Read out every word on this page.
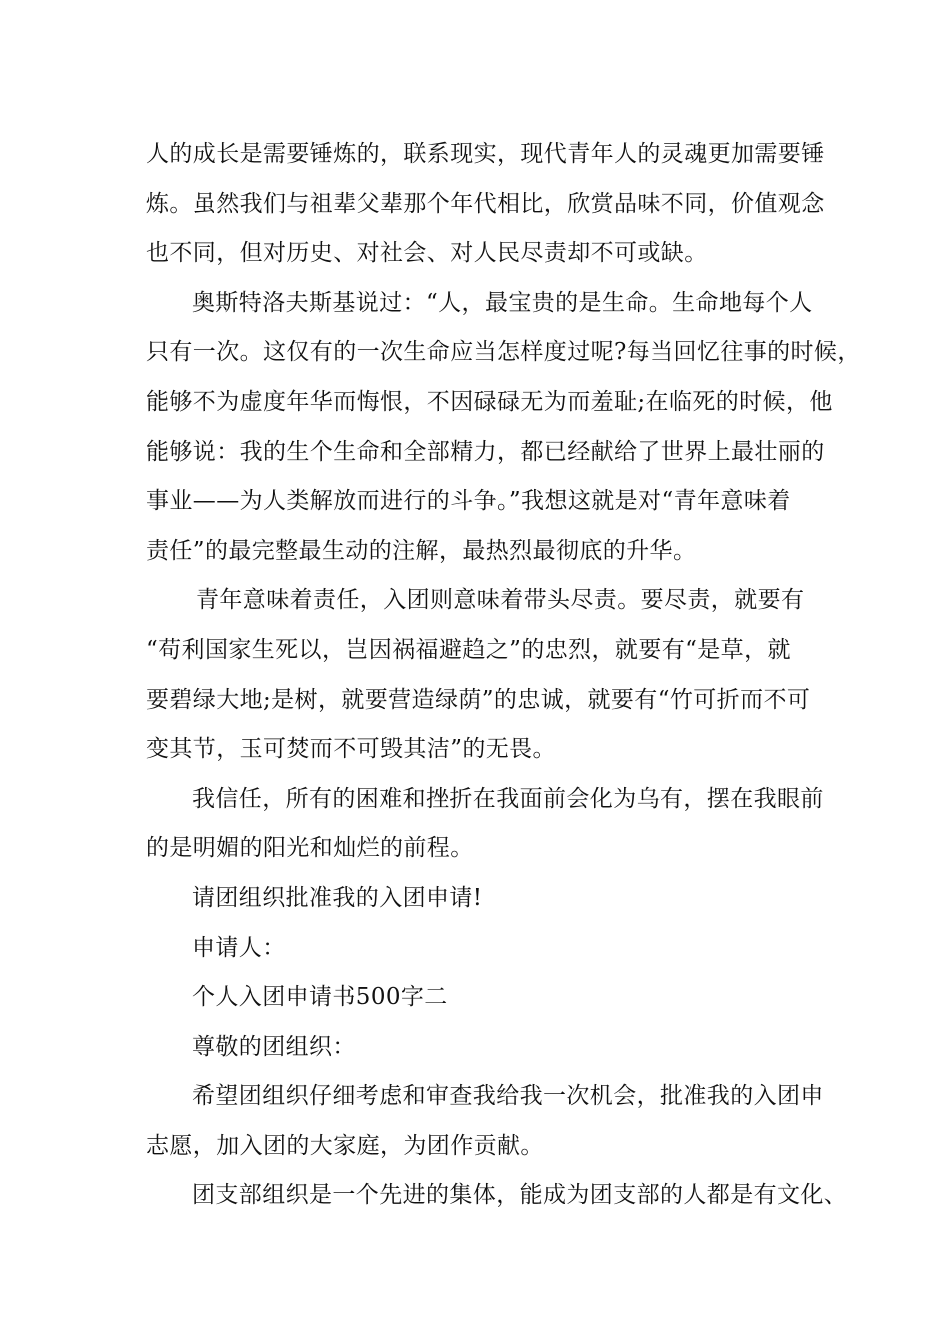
人的成长是需要锤炼的，联系现实，现代青年人的灵魂更加需要锤
炼。虽然我们与祖辈父辈那个年代相比，欣赏品味不同，价值观念
也不同，但对历史、对社会、对人民尽责却不可或缺。

奥斯特洛夫斯基说过：“人，最宝贵的是生命。生命地每个人
只有一次。这仅有的一次生命应当怎样度过呢?每当回忆往事的时候，
能够不为虚度年华而悔恨，不因碌碌无为而羞耻;在临死的时候，他
能够说：我的生个生命和全部精力，都已经献给了世界上最壮丽的
事业——为人类解放而进行的斗争。”我想这就是对“青年意味着
责任”的最完整最生动的注解，最热烈最彻底的升华。

青年意味着责任，入团则意味着带头尽责。要尽责，就要有
“苟利国家生死以，岂因祸福避趋之”的忠烈，就要有“是草，就
要碧绿大地;是树，就要营造绿荫”的忠诚，就要有“竹可折而不可
变其节，玉可焚而不可毁其洁”的无畏。

我信任，所有的困难和挫折在我面前会化为乌有，摆在我眼前
的是明媚的阳光和灿烂的前程。

请团组织批准我的入团申请!

申请人：

个人入团申请书500字二

尊敬的团组织：

希望团组织仔细考虑和审查我给我一次机会，批准我的入团申
志愿，加入团的大家庭，为团作贡献。

团支部组织是一个先进的集体，能成为团支部的人都是有文化、
